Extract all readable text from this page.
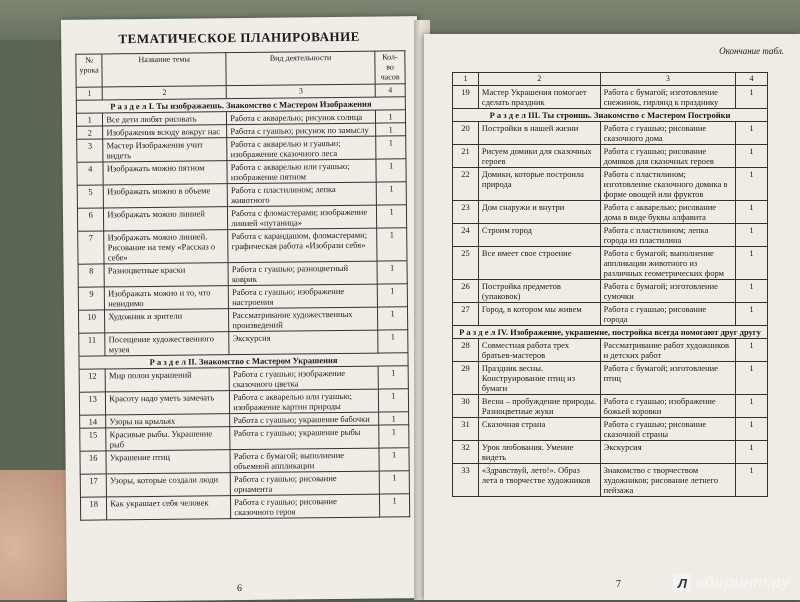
ТЕМАТИЧЕСКОЕ ПЛАНИРОВАНИЕ
№ урока	Название темы	Вид деятельности	Кол-во часов
1	2	3	4
Р а з д е л I. Ты изображаешь. Знакомство с Мастером Изображения			
1	Все дети любят рисовать	Работа с акварелью; рисунок солнца	1
2	Изображения всюду вокруг нас	Работа с гуашью; рисунок по замыслу	1
3	Мастер Изображения учит видеть	Работа с акварелью и гуашью; изображение сказочного леса	1
4	Изображать можно пятном	Работа с акварелью или гуашью; изображение пятном	1
5	Изображать можно в объеме	Работа с пластилином; лепка животного	1
6	Изображать можно линией	Работа с фломастерами; изображение линией «путаница»	1
7	Изображать можно линией. Рисование на тему «Рассказ о себе»	Работа с карандашом, фломастерами; графическая работа «Изобрази себя»	1
8	Разноцветные краски	Работа с гуашью; разноцветный коврик	1
9	Изображать можно и то, что невидимо	Работа с гуашью; изображение настроения	1
10	Художник и зрители	Рассматривание художественных произведений	1
11	Посещение художественного музея	Экскурсия	1
Р а з д е л II. Знакомство с Мастером Украшения			
12	Мир полон украшений	Работа с гуашью; изображение сказочного цветка	1
13	Красоту надо уметь замечать	Работа с акварелью или гуашью; изображение картин природы	1
14	Узоры на крыльях	Работа с гуашью; украшение бабочки	1
15	Красивые рыбы. Украшение рыб	Работа с гуашью; украшение рыбы	1
16	Украшение птиц	Работа с бумагой; выполнение объемной аппликации	1
17	Узоры, которые создали люди	Работа с гуашью; рисование орнамента	1
18	Как украшает себя человек	Работа с гуашью; рисование сказочного героя	1
6
Окончание табл.
1	2	3	4
19	Мастер Украшения помогает сделать праздник	Работа с бумагой; изготовление снежинок, гирлянд к празднику	1
Р а з д е л III. Ты строишь. Знакомство с Мастером Постройки			
20	Постройки в нашей жизни	Работа с гуашью; рисование сказочного дома	1
21	Рисуем домики для сказочных героев	Работа с гуашью; рисование домиков для сказочных героев	1
22	Домики, которые построила природа	Работа с пластилином; изготовление сказочного домика в форме овощей или фруктов	1
23	Дом снаружи и внутри	Работа с акварелью; рисование дома в виде буквы алфавита	1
24	Строим город	Работа с пластилином; лепка города из пластилина	1
25	Все имеет свое строение	Работа с бумагой; выполнение аппликации животного из различных геометрических форм	1
26	Постройка предметов (упаковок)	Работа с бумагой; изготовление сумочки	1
27	Город, в котором мы живем	Работа с гуашью; рисование города	1
Р а з д е л IV. Изображение, украшение, постройка всегда помогают друг другу			
28	Совместная работа трех братьев-мастеров	Рассматривание работ художников и детских работ	1
29	Праздник весны. Конструирование птиц из бумаги	Работа с бумагой; изготовление птиц	1
30	Весна – пробуждение природы. Разноцветные жуки	Работа с гуашью; изображение божьей коровки	1
31	Сказочная страна	Работа с гуашью; рисование сказочной страны	1
32	Урок любования. Умение видеть	Экскурсия	1
33	«Здравствуй, лето!». Образ лета в творчестве художников	Знакомство с творчеством художников; рисование летнего пейзажа	1
7	Л абиринт.ру
